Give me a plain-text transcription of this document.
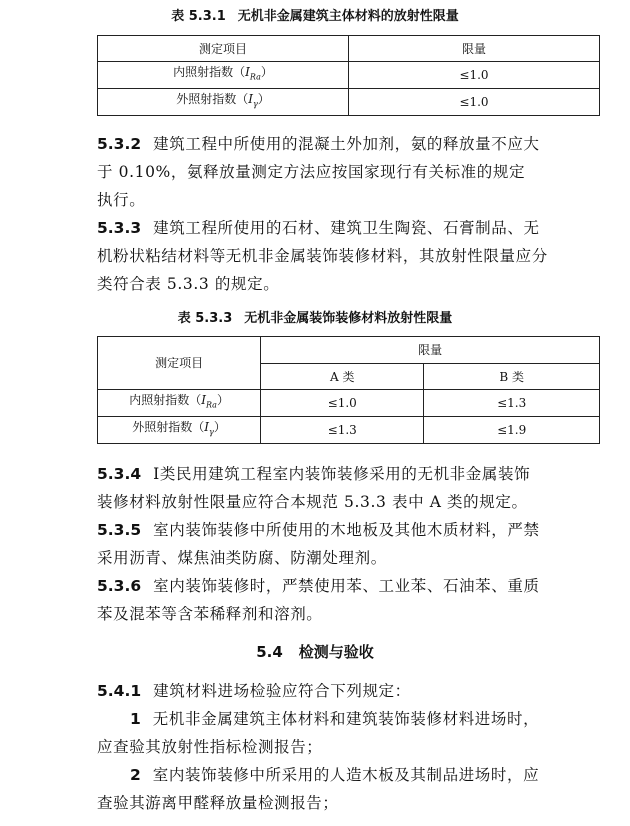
表 5.3.1 无机非金属建筑主体材料的放射性限量
测定项目	限量
内照射指数$(I_{Ra})$	≤1.0
外照射指数$(I_\gamma)$	≤1.0
5.3.2 建筑工程中所使用的混凝土外加剂，氨的释放量不应大
于 0.10%，氨释放量测定方法应按国家现行有关标准的规定
执行。
5.3.3 建筑工程所使用的石材、建筑卫生陶瓷、石膏制品、无
机粉状粘结材料等无机非金属装饰装修材料，其放射性限量应分
类符合表 5.3.3 的规定。
表 5.3.3 无机非金属装饰装修材料放射性限量
测定项目	限量	
	A 类	B 类
内照射指数$(I_{Ra})$	≤1.0	≤1.3
外照射指数$(I_\gamma)$	≤1.3	≤1.9
5.3.4 Ⅰ类民用建筑工程室内装饰装修采用的无机非金属装饰
装修材料放射性限量应符合本规范 5.3.3 表中 A 类的规定。
5.3.5 室内装饰装修中所使用的木地板及其他木质材料，严禁
采用沥青、煤焦油类防腐、防潮处理剂。
5.3.6 室内装饰装修时，严禁使用苯、工业苯、石油苯、重质
苯及混苯等含苯稀释剂和溶剂。
5.4 检测与验收
5.4.1 建筑材料进场检验应符合下列规定：
1 无机非金属建筑主体材料和建筑装饰装修材料进场时，
应查验其放射性指标检测报告；
2 室内装饰装修中所采用的人造木板及其制品进场时，应
查验其游离甲醛释放量检测报告；
